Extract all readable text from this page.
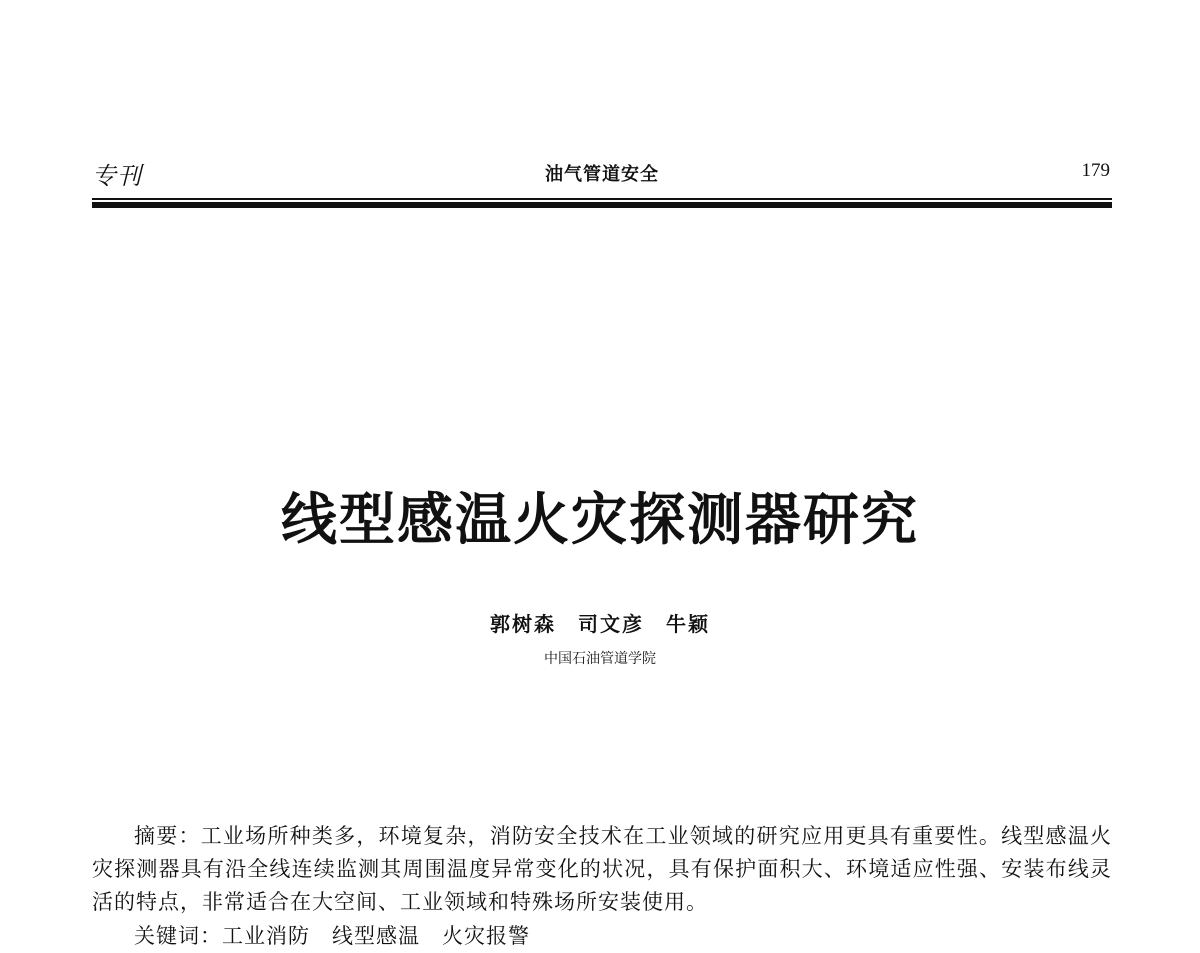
专刊	油气管道安全	179
线型感温火灾探测器研究
郭树森　司文彦　牛颖
中国石油管道学院
摘要：工业场所种类多，环境复杂，消防安全技术在工业领域的研究应用更具有重要性。线型感温火灾探测器具有沿全线连续监测其周围温度异常变化的状况，具有保护面积大、环境适应性强、安装布线灵活的特点，非常适合在大空间、工业领域和特殊场所安装使用。
关键词：工业消防 线型感温 火灾报警
